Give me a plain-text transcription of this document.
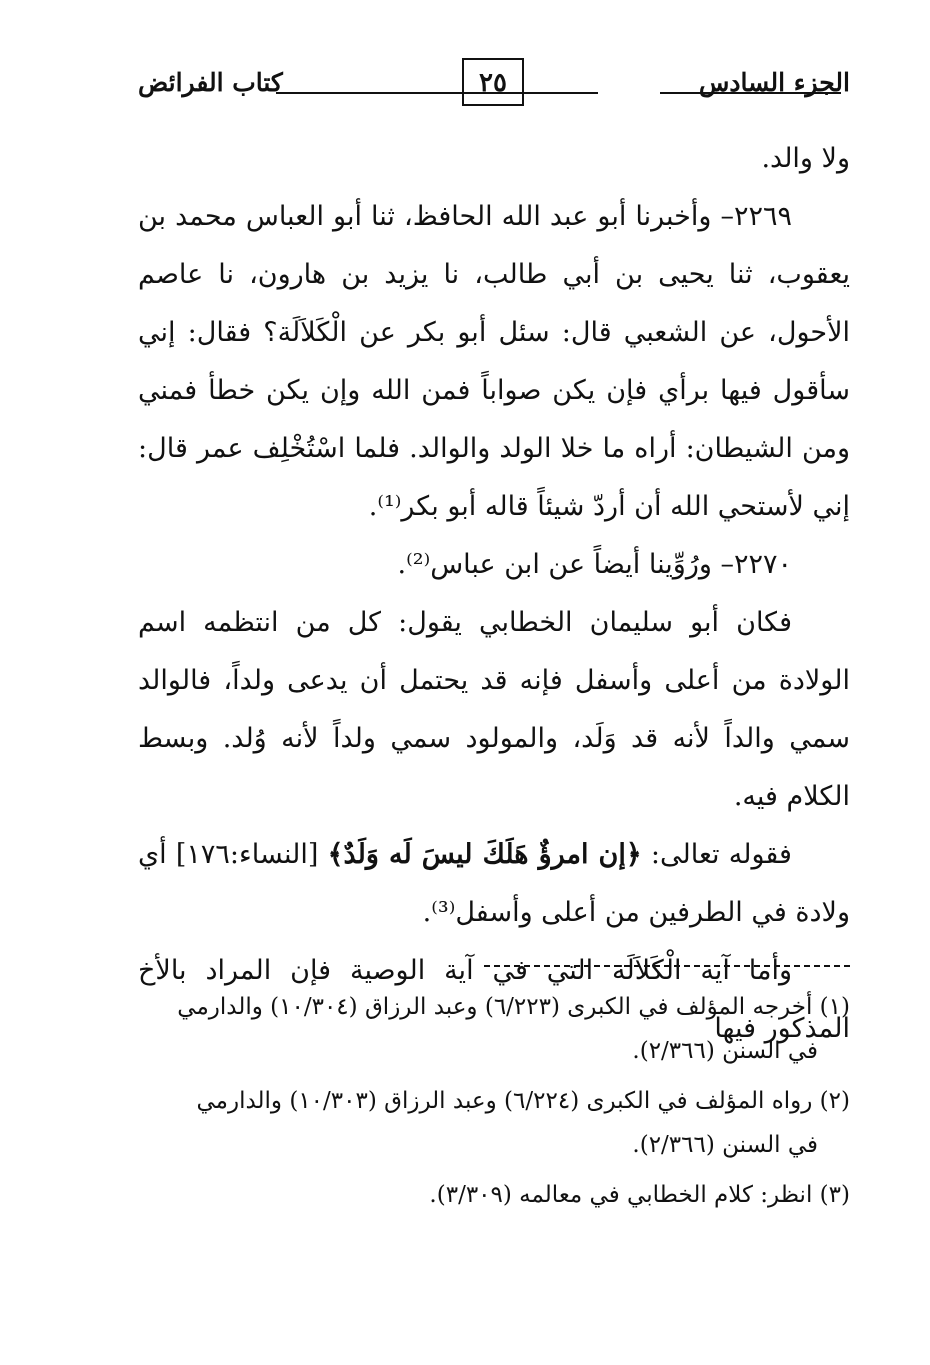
الجزء السادس
٢٥
كتاب الفرائض

ولا والد.

٢٢٦٩– وأخبرنا أبو عبد الله الحافظ، ثنا أبو العباس محمد بن يعقوب، ثنا يحيى بن أبي طالب، نا يزيد بن هارون، نا عاصم الأحول، عن الشعبي قال: سئل أبو بكر عن الْكَلاَلَة؟ فقال: إني سأقول فيها برأي فإن يكن صواباً فمن الله وإن يكن خطأ فمني ومن الشيطان: أراه ما خلا الولد والوالد. فلما اسْتُخْلِف عمر قال: إني لأستحي الله أن أردّ شيئاً قاله أبو بكر⁽¹⁾.

٢٢٧٠– ورُوِّينا أيضاً عن ابن عباس⁽²⁾.

فكان أبو سليمان الخطابي يقول: كل من انتظمه اسم الولادة من أعلى وأسفل فإنه قد يحتمل أن يدعى ولداً، فالوالد سمي والداً لأنه قد وَلَد، والمولود سمي ولداً لأنه وُلد. وبسط الكلام فيه.

فقوله تعالى: ﴿إن امرؤٌ هَلَكَ ليسَ لَه وَلَدٌ﴾ [النساء:١٧٦] أي ولادة في الطرفين من أعلى وأسفل⁽³⁾.

وأما آية الْكَلاَلَة التي في آية الوصية فإن المراد بالأخ المذكور فيها

(١) أخرجه المؤلف في الكبرى (٦/٢٢٣) وعبد الرزاق (١٠/٣٠٤) والدارمي
في السنن (٢/٣٦٦).
(٢) رواه المؤلف في الكبرى (٦/٢٢٤) وعبد الرزاق (١٠/٣٠٣) والدارمي
في السنن (٢/٣٦٦).
(٣) انظر: كلام الخطابي في معالمه (٣/٣٠٩).
